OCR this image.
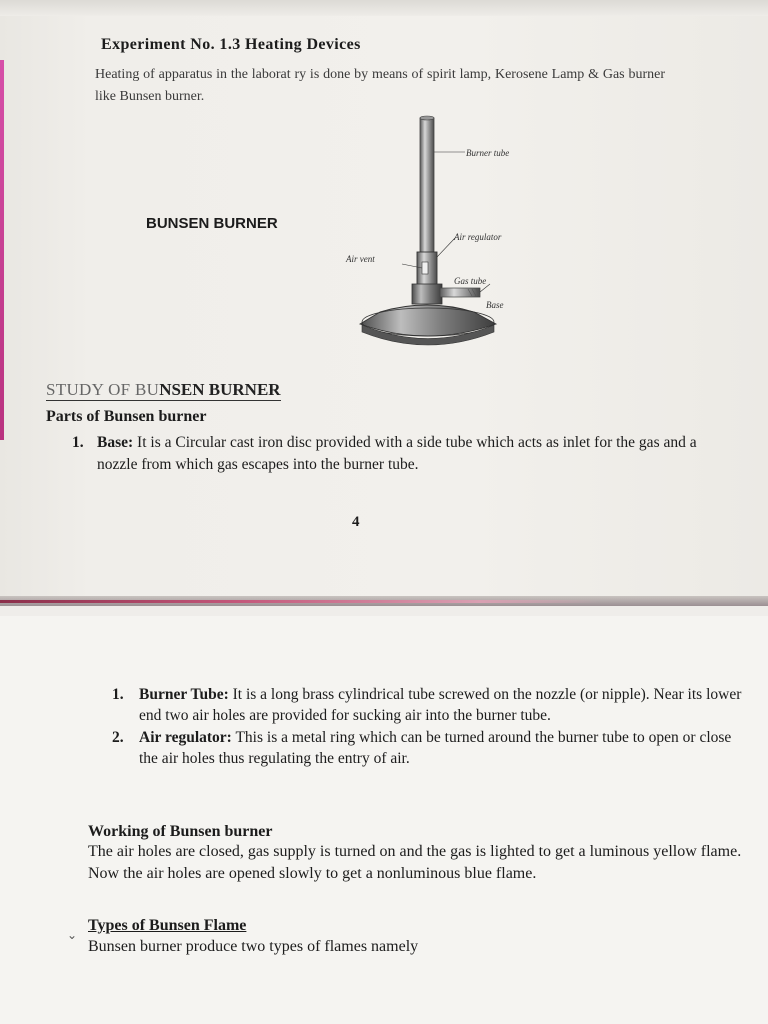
Experiment No. 1.3 Heating Devices

Heating of apparatus in the laborat ry is done by means of spirit lamp, Kerosene Lamp & Gas burner like Bunsen burner.

BUNSEN BURNER
Burner tube
Air regulator
Air vent
Gas tube
Base
STUDY OF BUNSEN BURNER
Parts of Bunsen burner

1. Base: It is a Circular cast iron disc provided with a side tube which acts as inlet for the gas and a nozzle from which gas escapes into the burner tube.

4

1. Burner Tube: It is a long brass cylindrical tube screwed on the nozzle (or nipple). Near its lower end two air holes are provided for sucking air into the burner tube.

2. Air regulator: This is a metal ring which can be turned around the burner tube to open or close the air holes thus regulating the entry of air.

Working of Bunsen burner

The air holes are closed, gas supply is turned on and the gas is lighted to get a luminous yellow flame. Now the air holes are opened slowly to get a nonluminous blue flame.

⌄
Types of Bunsen Flame

Bunsen burner produce two types of flames namely
